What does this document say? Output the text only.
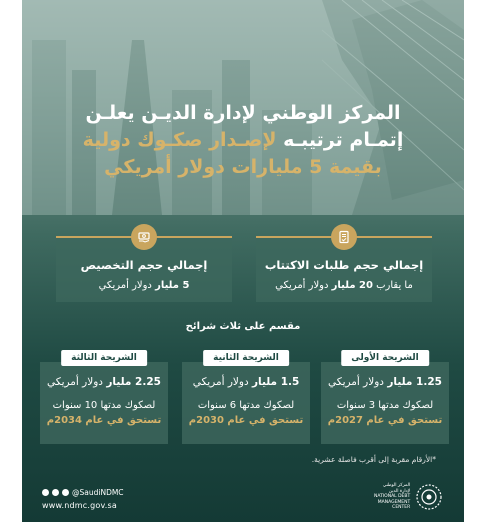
المركز الوطني لإدارة الديـن يعلـن
إتمـام ترتيبـه لإصـدار صكـوك دولية
بقيمة 5 مليارات دولار أمريكي
إجمالي حجم طلبات الاكتتاب
ما يقارب 20 مليار دولار أمريكي
إجمالي حجم التخصيص
5 مليار دولار أمريكي
مقسم على ثلاث شرائح
الشريحة الأولى
1.25 مليار دولار أمريكي
لصكوك مدتها 3 سنوات
تستحق في عام 2027م
الشريحة الثانية
1.5 مليار دولار أمريكي
لصكوك مدتها 6 سنوات
تستحق في عام 2030م
الشريحة الثالثة
2.25 مليار دولار أمريكي
لصكوك مدتها 10 سنوات
تستحق في عام 2034م
*الأرقام مقربة إلى أقرب فاصلة عشرية.
@SaudiNDMC
www.ndmc.gov.sa
المركز الوطني
لإدارة الدين
NATIONAL DEBT
MANAGEMENT
CENTER
